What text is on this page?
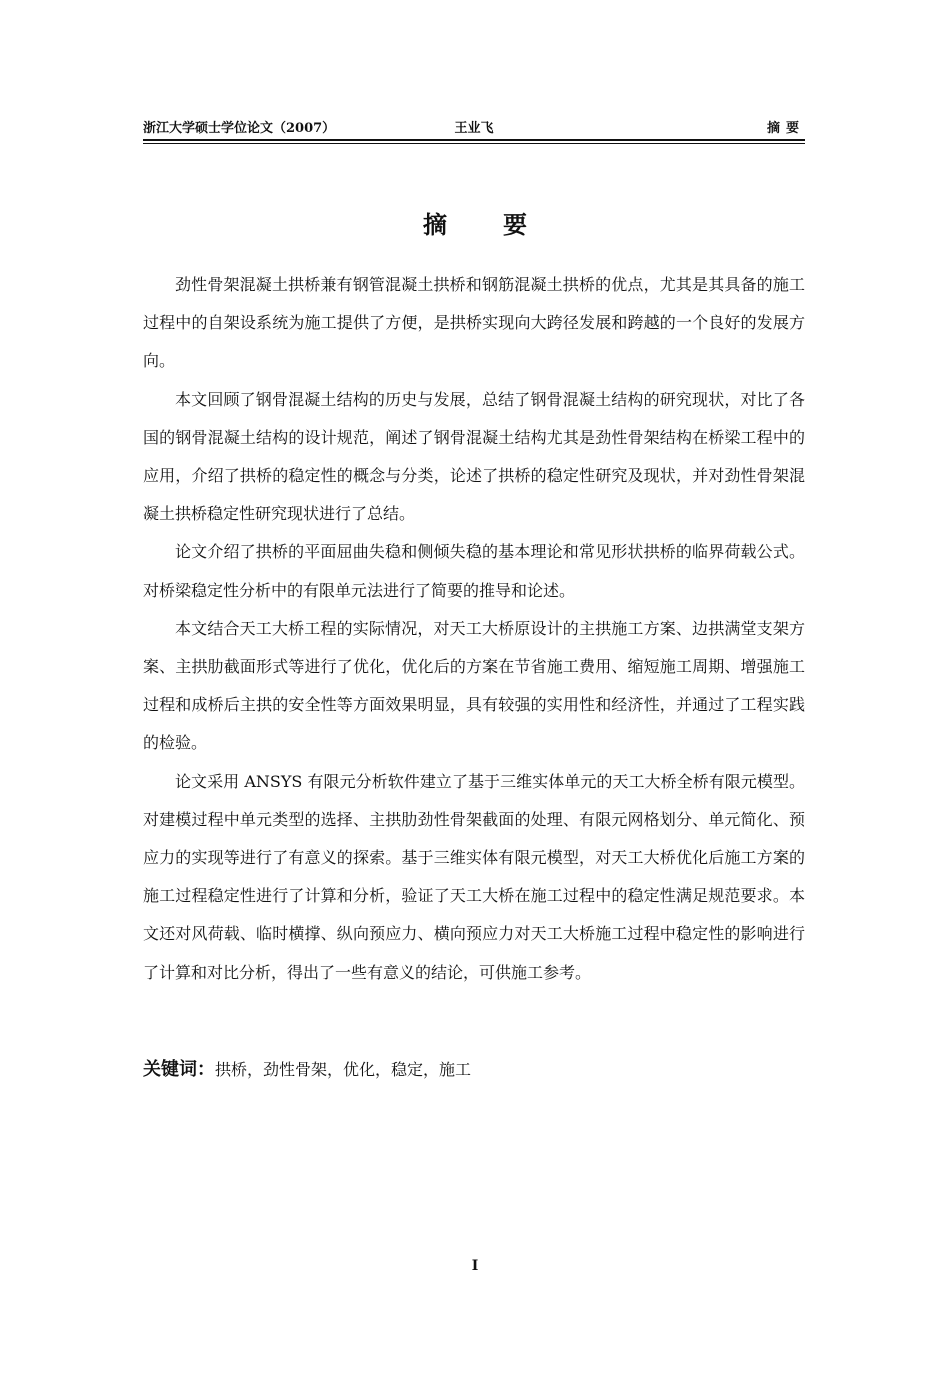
浙江大学硕士学位论文（2007）	王业飞	摘要
摘要

劲性骨架混凝土拱桥兼有钢管混凝土拱桥和钢筋混凝土拱桥的优点，尤其是其具备的施工过程中的自架设系统为施工提供了方便，是拱桥实现向大跨径发展和跨越的一个良好的发展方向。

本文回顾了钢骨混凝土结构的历史与发展，总结了钢骨混凝土结构的研究现状，对比了各国的钢骨混凝土结构的设计规范，阐述了钢骨混凝土结构尤其是劲性骨架结构在桥梁工程中的应用，介绍了拱桥的稳定性的概念与分类，论述了拱桥的稳定性研究及现状，并对劲性骨架混凝土拱桥稳定性研究现状进行了总结。

论文介绍了拱桥的平面屈曲失稳和侧倾失稳的基本理论和常见形状拱桥的临界荷载公式。对桥梁稳定性分析中的有限单元法进行了简要的推导和论述。

本文结合天工大桥工程的实际情况，对天工大桥原设计的主拱施工方案、边拱满堂支架方案、主拱肋截面形式等进行了优化，优化后的方案在节省施工费用、缩短施工周期、增强施工过程和成桥后主拱的安全性等方面效果明显，具有较强的实用性和经济性，并通过了工程实践的检验。

论文采用 ANSYS 有限元分析软件建立了基于三维实体单元的天工大桥全桥有限元模型。对建模过程中单元类型的选择、主拱肋劲性骨架截面的处理、有限元网格划分、单元简化、预应力的实现等进行了有意义的探索。基于三维实体有限元模型，对天工大桥优化后施工方案的施工过程稳定性进行了计算和分析，验证了天工大桥在施工过程中的稳定性满足规范要求。本文还对风荷载、临时横撑、纵向预应力、横向预应力对天工大桥施工过程中稳定性的影响进行了计算和对比分析，得出了一些有意义的结论，可供施工参考。

关键词：拱桥，劲性骨架，优化，稳定，施工
I
